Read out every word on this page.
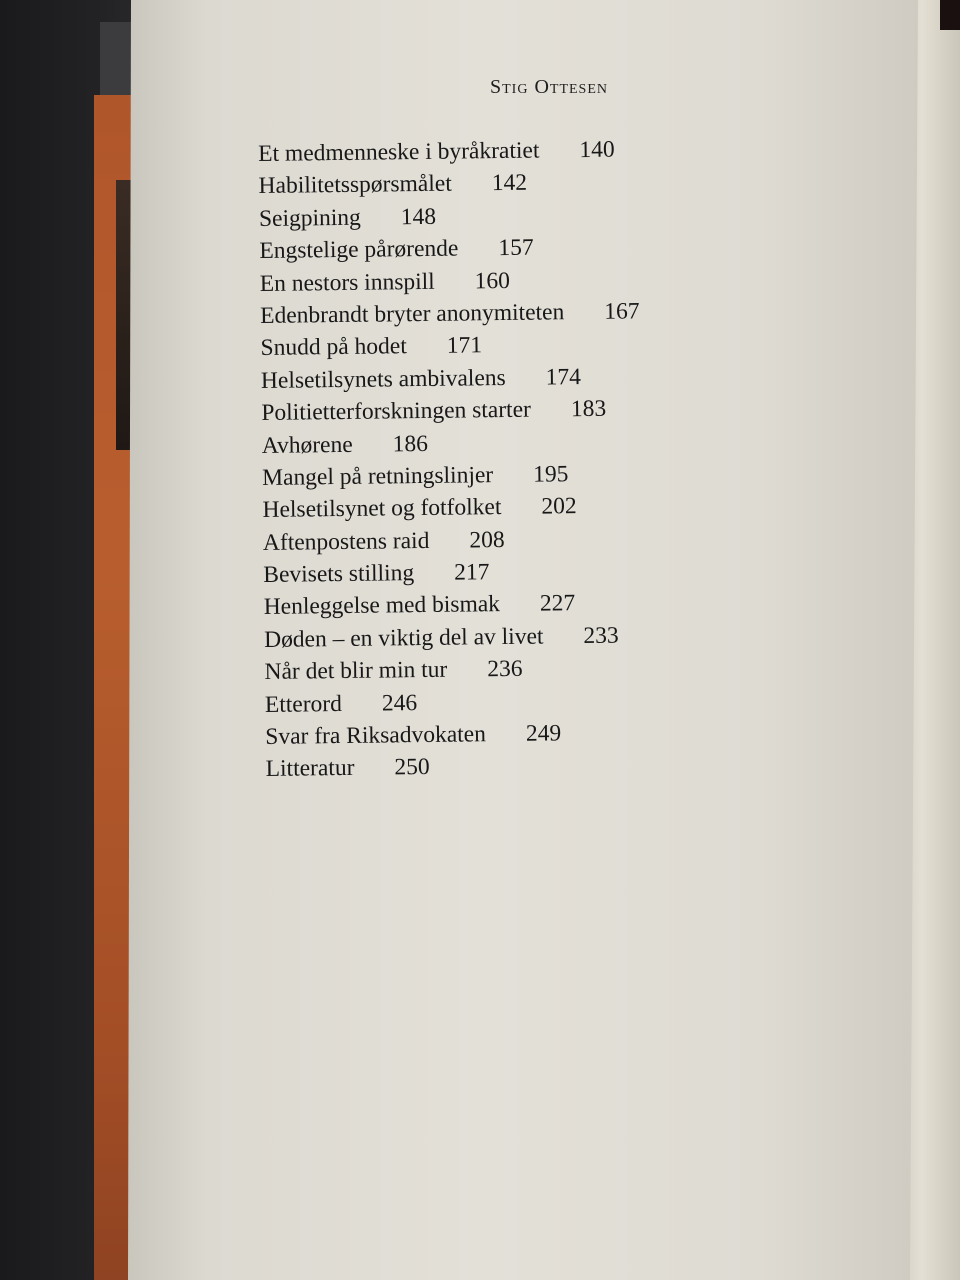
Stig Ottesen
Et medmenneske i byråkratiet 140
Habilitetsspørsmålet 142
Seigpining 148
Engstelige pårørende 157
En nestors innspill 160
Edenbrandt bryter anonymiteten 167
Snudd på hodet 171
Helsetilsynets ambivalens 174
Politietterforskningen starter 183
Avhørene 186
Mangel på retningslinjer 195
Helsetilsynet og fotfolket 202
Aftenpostens raid 208
Bevisets stilling 217
Henleggelse med bismak 227
Døden – en viktig del av livet 233
Når det blir min tur 236
Etterord 246
Svar fra Riksadvokaten 249
Litteratur 250
